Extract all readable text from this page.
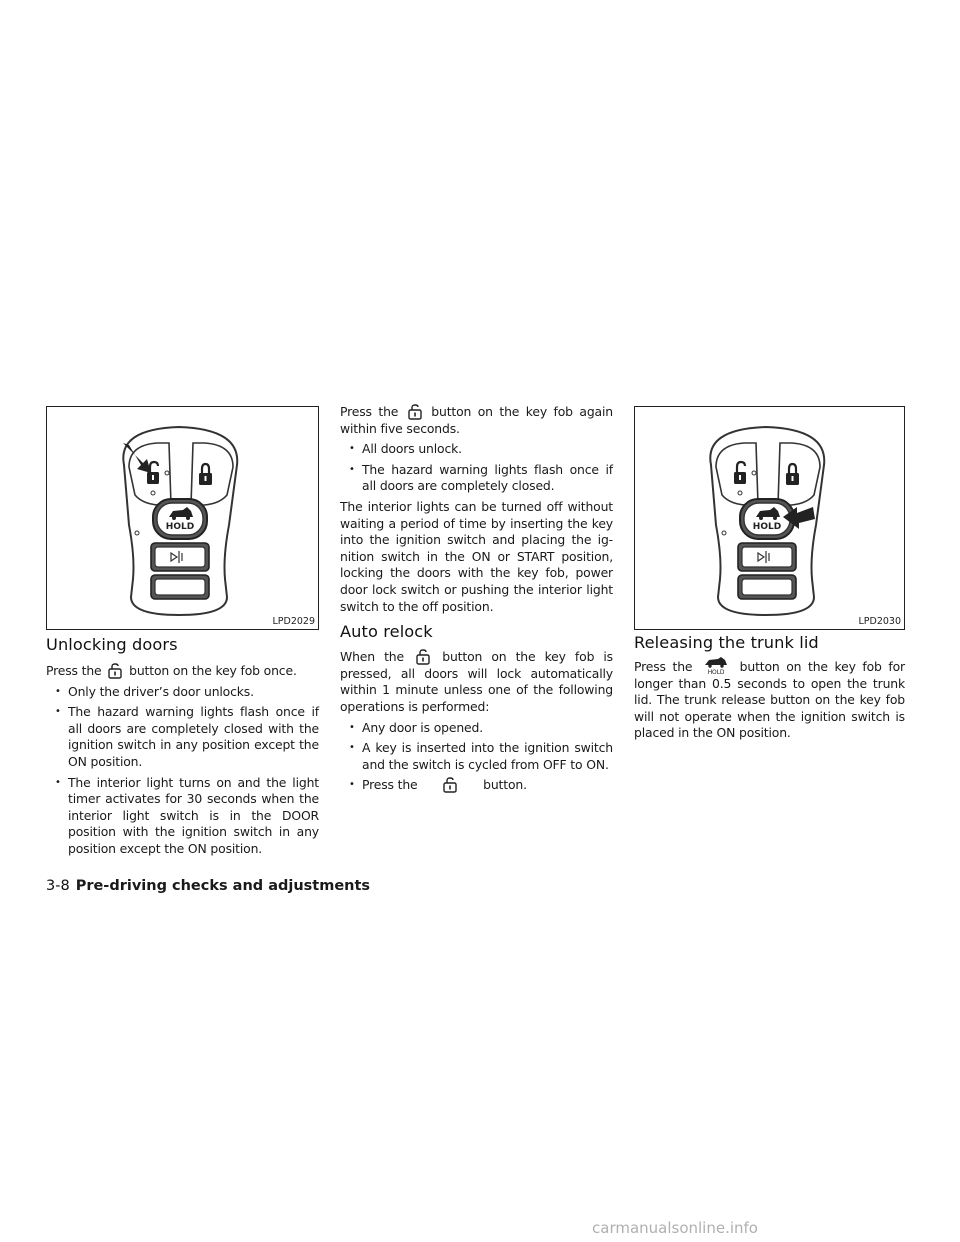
HOLD
LPD2029
Unlocking doors

Press the button on the key fob once.

• Only the driver’s door unlocks.
• The hazard warning lights flash once if all doors are completely closed with the ignition switch in any position except the ON position.
• The interior light turns on and the light timer activates for 30 seconds when the interior light switch is in the DOOR position with the ignition switch in any position except the ON position.

Press the	button on the key fob again within five seconds.

• All doors unlock.
• The hazard warning lights flash once if all doors are completely closed.

The interior lights can be turned off without waiting a period of time by inserting the key into the ignition switch and placing the ig-nition switch in the ON or START position, locking the doors with the key fob, power door lock switch or pushing the interior light switch to the off position.

Auto relock

When the	button on the key fob is pressed, all doors will lock automatically within 1 minute unless one of the following operations is performed:

• Any door is opened.
• A key is inserted into the ignition switch and the switch is cycled from OFF to ON.
• Press the	button.
HOLD
LPD2030
Releasing the trunk lid

Press the	HOLD button on the key fob for longer than 0.5 seconds to open the trunk lid. The trunk release button on the key fob will not operate when the ignition switch is placed in the ON position.

3-8 Pre-driving checks and adjustments
carmanualsonline.info
